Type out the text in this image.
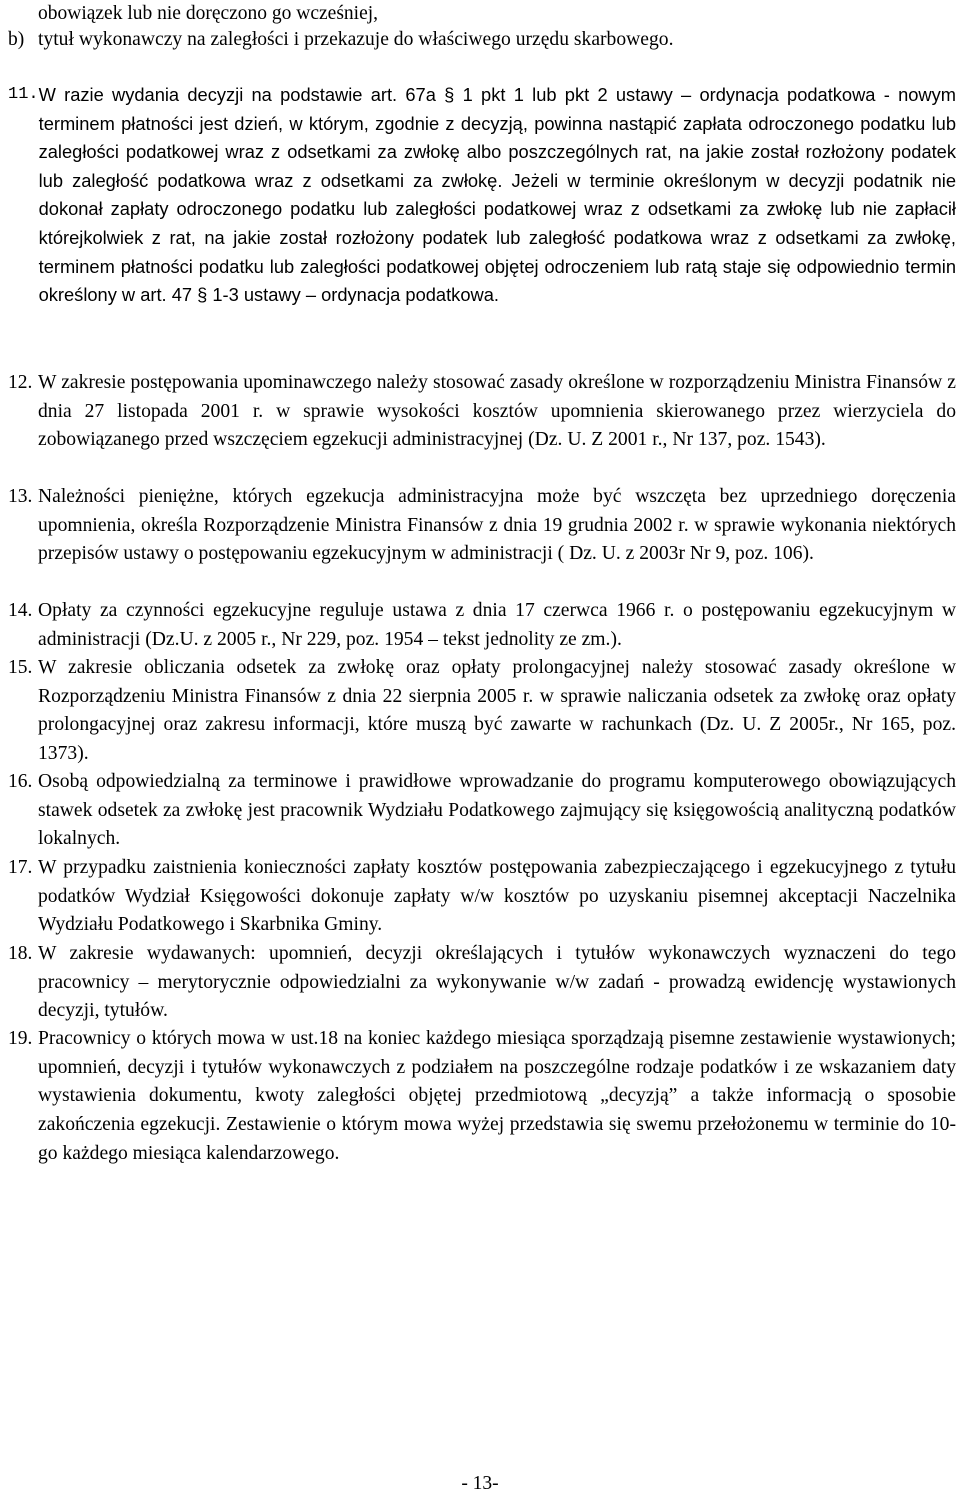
obowiązek lub nie doręczono go wcześniej,
b) tytuł wykonawczy na zaległości i przekazuje do właściwego urzędu skarbowego.
11. W razie wydania decyzji na podstawie art. 67a § 1 pkt 1 lub pkt 2 ustawy – ordynacja podatkowa - nowym terminem płatności jest dzień, w którym, zgodnie z decyzją, powinna nastąpić zapłata odroczonego podatku lub zaległości podatkowej wraz z odsetkami za zwłokę albo poszczególnych rat, na jakie został rozłożony podatek lub zaległość podatkowa wraz z odsetkami za zwłokę. Jeżeli w terminie określonym w decyzji podatnik nie dokonał zapłaty odroczonego podatku lub zaległości podatkowej wraz z odsetkami za zwłokę lub nie zapłacił którejkolwiek z rat, na jakie został rozłożony podatek lub zaległość podatkowa wraz z odsetkami za zwłokę, terminem płatności podatku lub zaległości podatkowej objętej odroczeniem lub ratą staje się odpowiednio termin określony w art. 47 § 1-3 ustawy – ordynacja podatkowa.
12. W zakresie postępowania upominawczego należy stosować zasady określone w rozporządzeniu Ministra Finansów z dnia 27 listopada 2001 r. w sprawie wysokości kosztów upomnienia skierowanego przez wierzyciela do zobowiązanego przed wszczęciem egzekucji administracyjnej (Dz. U. Z 2001 r., Nr 137, poz. 1543).
13. Należności pieniężne, których egzekucja administracyjna może być wszczęta bez uprzedniego doręczenia upomnienia, określa Rozporządzenie Ministra Finansów z dnia 19 grudnia 2002 r. w sprawie wykonania niektórych przepisów ustawy o postępowaniu egzekucyjnym w administracji ( Dz. U. z 2003r Nr 9, poz. 106).
14. Opłaty za czynności egzekucyjne reguluje ustawa z dnia 17 czerwca 1966 r. o postępowaniu egzekucyjnym w administracji (Dz.U. z 2005 r., Nr 229, poz. 1954 – tekst jednolity ze zm.).
15. W zakresie obliczania odsetek za zwłokę oraz opłaty prolongacyjnej należy stosować zasady określone w Rozporządzeniu Ministra Finansów z dnia 22 sierpnia 2005 r. w sprawie naliczania odsetek za zwłokę oraz opłaty prolongacyjnej oraz zakresu informacji, które muszą być zawarte w rachunkach (Dz. U. Z 2005r., Nr 165, poz. 1373).
16. Osobą odpowiedzialną za terminowe i prawidłowe wprowadzanie do programu komputerowego obowiązujących stawek odsetek za zwłokę jest pracownik Wydziału Podatkowego zajmujący się księgowością analityczną podatków lokalnych.
17. W przypadku zaistnienia konieczności zapłaty kosztów postępowania zabezpieczającego i egzekucyjnego z tytułu podatków Wydział Księgowości dokonuje zapłaty w/w kosztów po uzyskaniu pisemnej akceptacji Naczelnika Wydziału Podatkowego i Skarbnika Gminy.
18. W zakresie wydawanych: upomnień, decyzji określających i tytułów wykonawczych wyznaczeni do tego pracownicy – merytorycznie odpowiedzialni za wykonywanie w/w zadań - prowadzą ewidencję wystawionych decyzji, tytułów.
19. Pracownicy o których mowa w ust.18 na koniec każdego miesiąca sporządzają pisemne zestawienie wystawionych; upomnień, decyzji i tytułów wykonawczych z podziałem na poszczególne rodzaje podatków i ze wskazaniem daty wystawienia dokumentu, kwoty zaległości objętej przedmiotową „decyzją” a także informacją o sposobie zakończenia egzekucji. Zestawienie o którym mowa wyżej przedstawia się swemu przełożonemu w terminie do 10-go każdego miesiąca kalendarzowego.
- 13-
